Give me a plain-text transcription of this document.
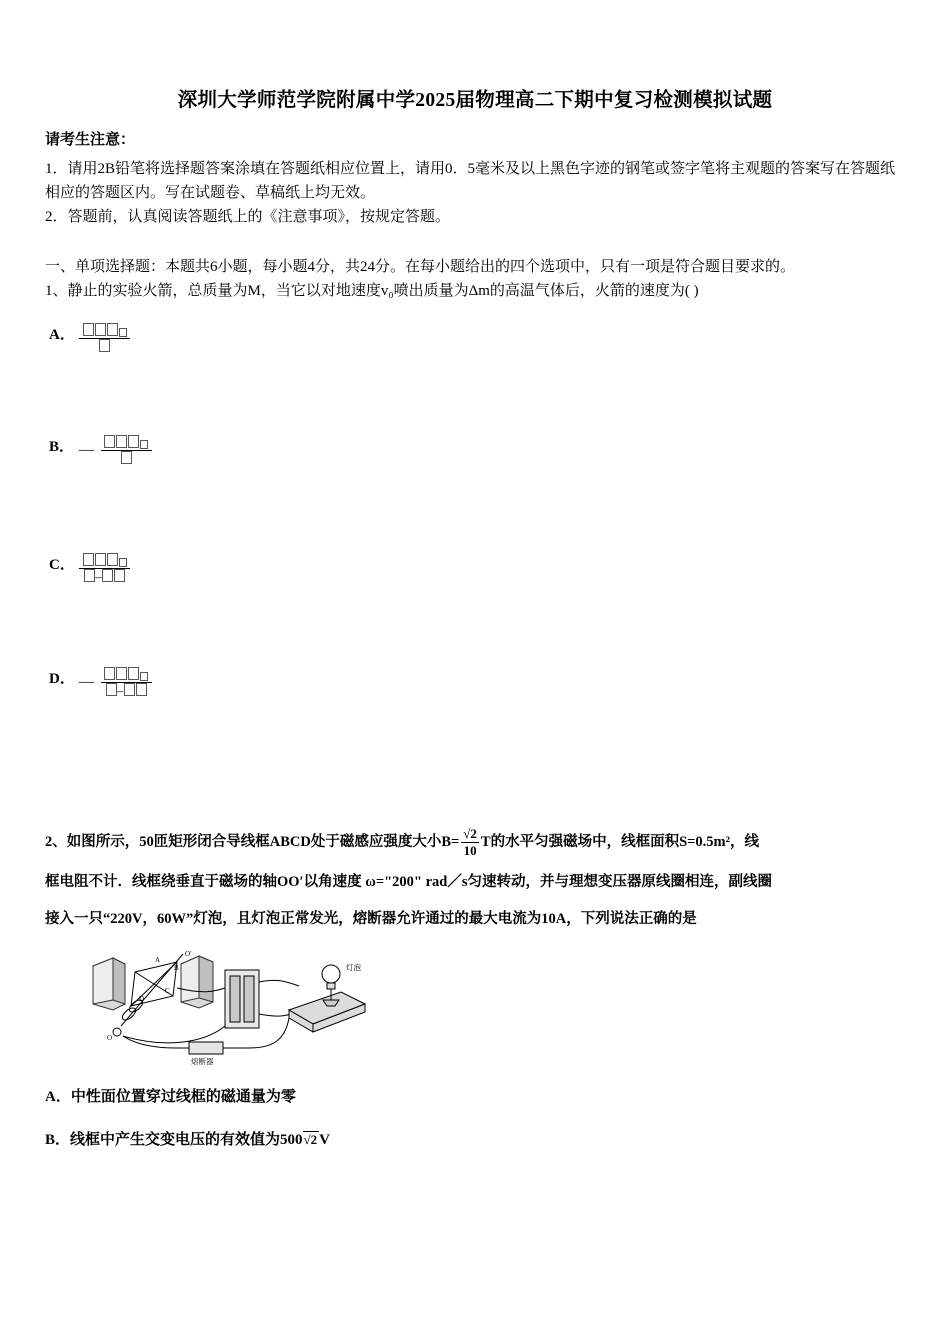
深圳大学师范学院附属中学2025届物理高二下期中复习检测模拟试题
请考生注意：
1．请用2B铅笔将选择题答案涂填在答题纸相应位置上，请用0．5毫米及以上黑色字迹的钢笔或签字笔将主观题的答案写在答题纸相应的答题区内。写在试题卷、草稿纸上均无效。
2．答题前，认真阅读答题纸上的《注意事项》，按规定答题。
一、单项选择题：本题共6小题，每小题4分，共24分。在每小题给出的四个选项中，只有一项是符合题目要求的。
1、静止的实验火箭，总质量为M，当它以对地速度v₀喷出质量为Δm的高温气体后，火箭的速度为( )
A．
B． —
C．
–
D． —
–
2、如图所示，50匝矩形闭合导线框ABCD处于磁感应强度大小$B= \frac{√2}{10}$ T的水平匀强磁场中，线框面积S=0.5m²，线
框电阻不计．线框绕垂直于磁场的轴OO′以角速度 ω="200" rad／s匀速转动，并与理想变压器原线圈相连，副线圈
接入一只“220V，60W”灯泡，且灯泡正常发光，熔断器允许通过的最大电流为10A，下列说法正确的是
A
B
C
D
O′
O
灯泡
熔断器
A．中性面位置穿过线框的磁通量为零
B．线框中产生交变电压的有效值为500√2 V
